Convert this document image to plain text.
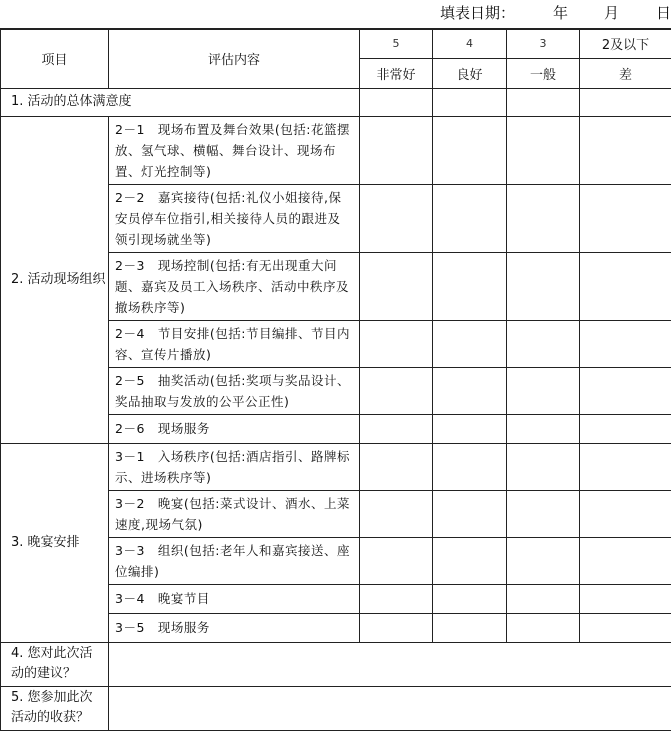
填表日期：	年 月 日
项目	评估内容	5	4	3	2及以下
		非常好	良好	一般	差
1. 活动的总体满意度					
2. 活动现场组织	2－1　现场布置及舞台效果(包括:花篮摆放、氢气球、横幅、舞台设计、现场布置、灯光控制等)				
	2－2　嘉宾接待(包括:礼仪小姐接待,保安员停车位指引,相关接待人员的跟进及领引现场就坐等)				
	2－3　现场控制(包括:有无出现重大问题、嘉宾及员工入场秩序、活动中秩序及撤场秩序等)				
	2－4　节目安排(包括:节目编排、节目内容、宣传片播放)				
	2－5　抽奖活动(包括:奖项与奖品设计、奖品抽取与发放的公平公正性)				
	2－6　现场服务				
3. 晚宴安排	3－1　入场秩序(包括:酒店指引、路牌标示、进场秩序等)				
	3－2　晚宴(包括:菜式设计、酒水、上菜速度,现场气氛)				
	3－3　组织(包括:老年人和嘉宾接送、座位编排)				
	3－4　晚宴节目				
	3－5　现场服务				
4. 您对此次活动的建议？					
5. 您参加此次活动的收获？					
